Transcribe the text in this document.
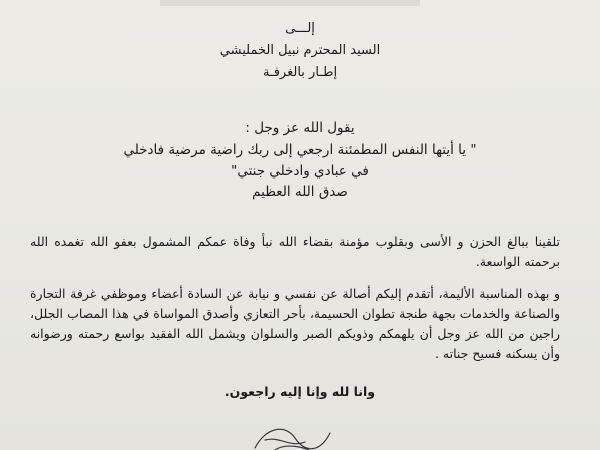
إلـــى
السيد المحترم نبيل الخمليشي
إطـار بالغرفـة
يقول الله عز وجل :
" يا أيتها النفس المطمئنة ارجعي إلى ربك راضية مرضية فادخلي
في عبادي وادخلي جنتي"
صدق الله العظيم

تلقينا ببالغ الحزن و الأسى وبقلوب مؤمنة بقضاء الله نبأ وفاة عمكم المشمول بعفو الله تغمده الله برحمته الواسعة.

و بهذه المناسبة الأليمة، أتقدم إليكم أصالة عن نفسي و نيابة عن السادة أعضاء وموظفي غرفة التجارة والصناعة والخدمات بجهة طنجة تطوان الحسيمة، بأحر التعازي وأصدق المواساة في هذا المصاب الجلل، راجين من الله عز وجل أن يلهمكم وذويكم الصبر والسلوان ويشمل الله الفقيد بواسع رحمته ورضوانه وأن يسكنه فسيح جناته .

وانا لله وإنا إليه راجعون.
